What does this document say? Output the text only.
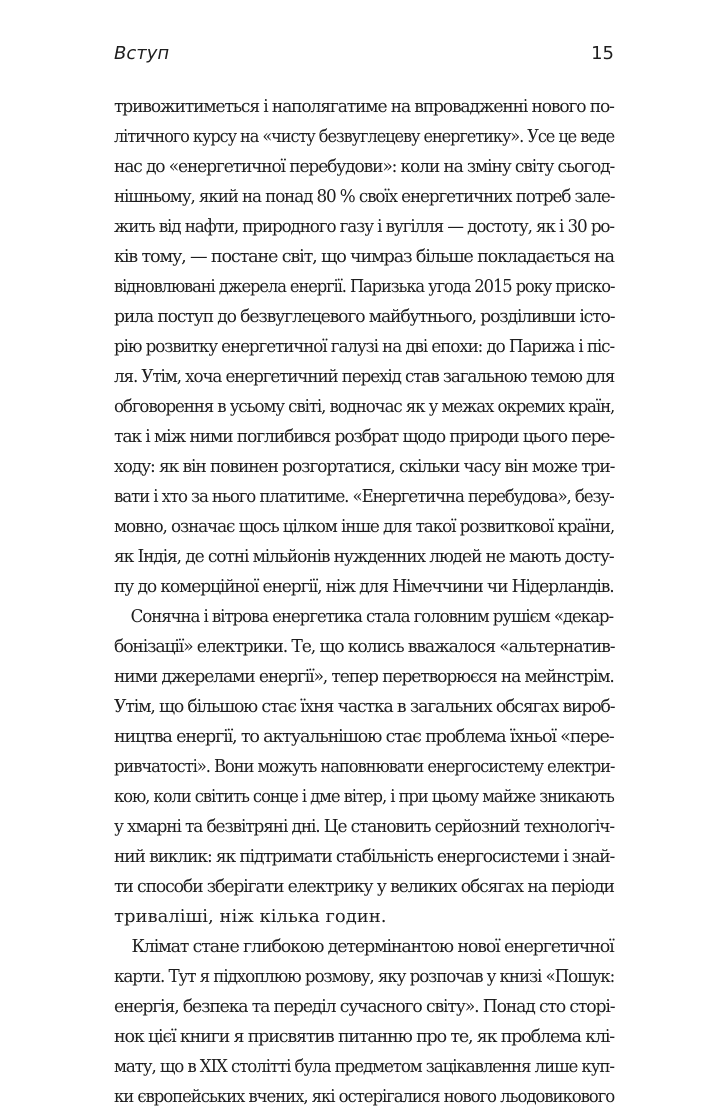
Вступ	15
тривожитиметься і наполягатиме на впровадженні нового по-
літичного курсу на «чисту безвуглецеву енергетику». Усе це веде
нас до «енергетичної перебудови»: коли на зміну світу сьогод-
нішньому, який на понад 80 % своїх енергетичних потреб зале-
жить від нафти, природного газу і вугілля — достоту, як і 30 ро-
ків тому, — постане світ, що чимраз більше покладається на
відновлювані джерела енергії. Паризька угода 2015 року приско-
рила поступ до безвуглецевого майбутнього, розділивши істо-
рію розвитку енергетичної галузі на дві епохи: до Парижа і піс-
ля. Утім, хоча енергетичний перехід став загальною темою для
обговорення в усьому світі, водночас як у межах окремих країн,
так і між ними поглибився розбрат щодо природи цього перe-
ходу: як він повинен розгортатися, скільки часу він може три-
вати і хто за нього платитиме. «Енергетична перебудова», безу-
мовно, означає щось цілком інше для такої розвиткової країни,
як Індія, де сотні мільйонів нужденних людей не мають досту-
пу до комерційної енергії, ніж для Німеччини чи Нідерландів.
Сонячна і вітрова енергетика стала головним рушієм «декар-
бонізації» електрики. Те, що колись вважалося «альтернатив-
ними джерелами енергії», тепер перетворюєся на мейнстрім.
Утім, що більшою стає їхня частка в загальних обсягах вироб-
ництва енергії, то актуальнішою стає проблема їхньої «пере-
ривчатості». Вони можуть наповнювати енергосистему електри-
кою, коли світить сонце і дме вітер, і при цьому майже зникають
у хмарні та безвітряні дні. Це становить серйозний технологіч-
ний виклик: як підтримати стабільність енергосистеми і знай-
ти способи зберігати електрику у великих обсягах на періоди
триваліші, ніж кілька годин.
Клімат стане глибокою детермінантою нової енергетичної
карти. Тут я підхоплюю розмову, яку розпочав у книзі «Пошук:
енергія, безпека та переділ сучасного світу». Понад сто сторі-
нок цієї книги я присвятив питанню про те, як проблема клі-
мату, що в XIX столітті була предметом зацікавлення лише куп-
ки європейських вчених, які остерігалися нового льодовикового
